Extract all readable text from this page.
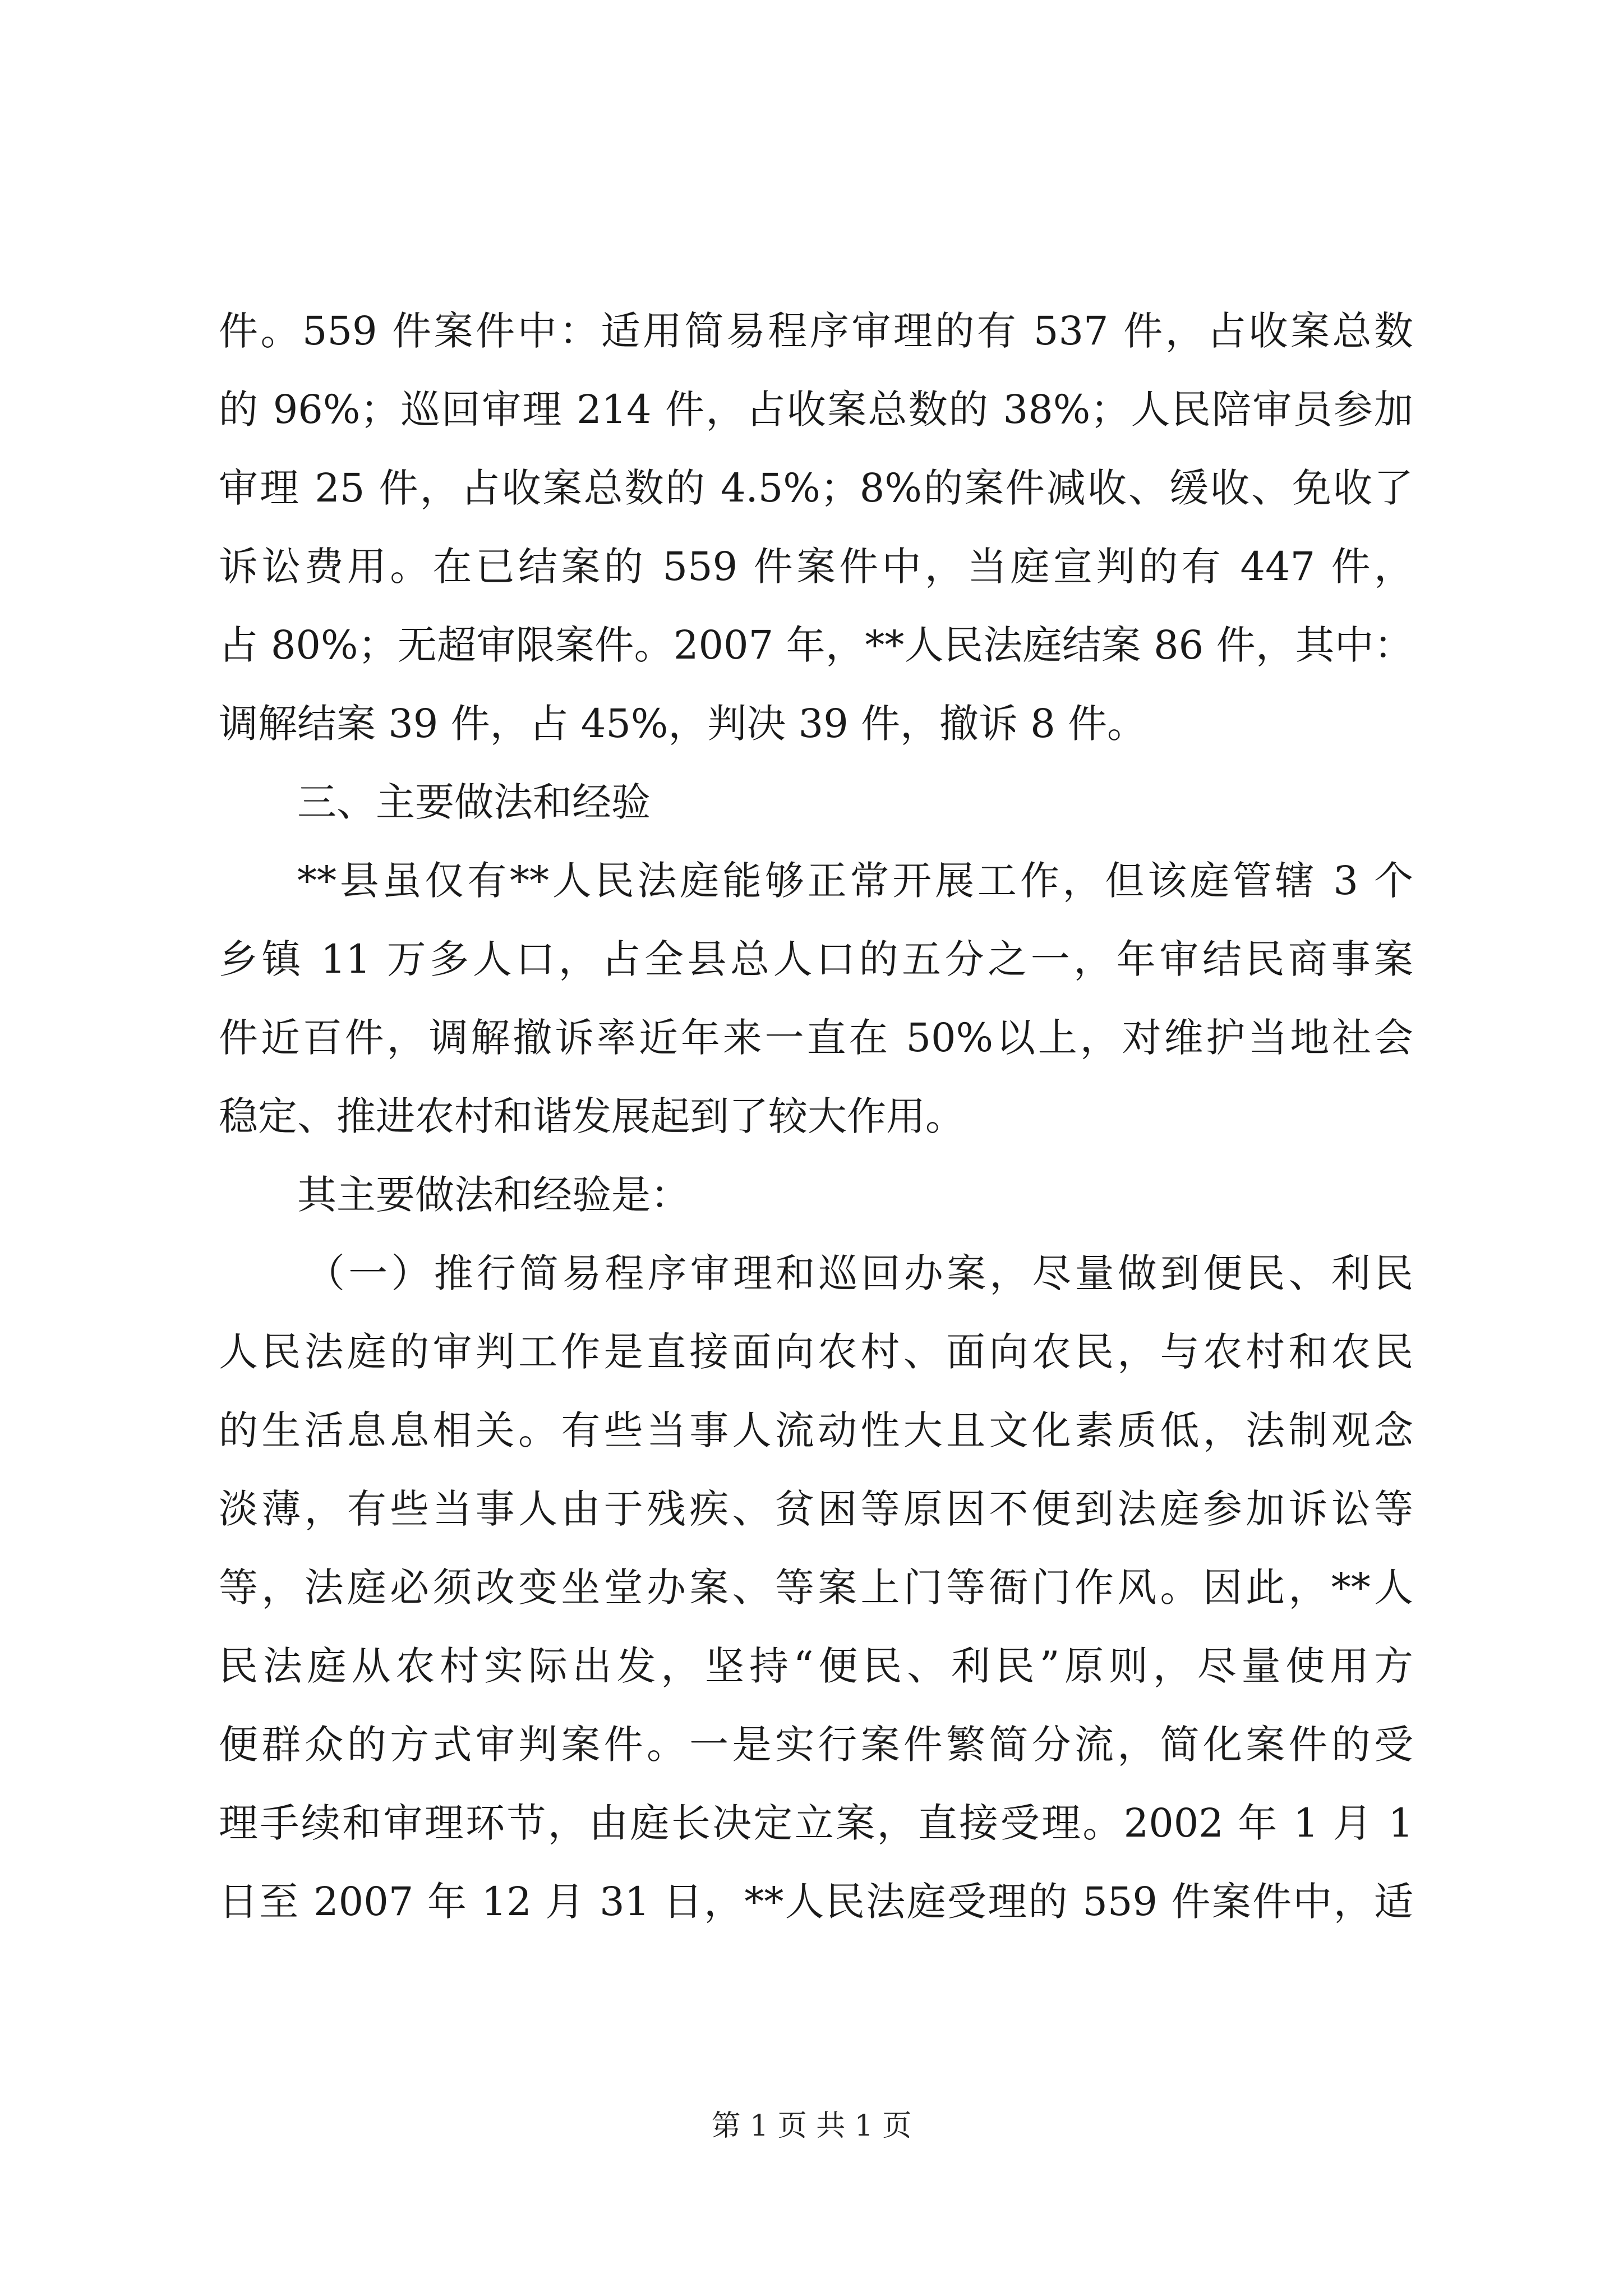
件。559 件案件中：适用简易程序审理的有 537 件，占收案总数
的 96%；巡回审理 214 件，占收案总数的 38%；人民陪审员参加
审理 25 件，占收案总数的 4.5%；8%的案件减收、缓收、免收了
诉讼费用。在已结案的 559 件案件中，当庭宣判的有 447 件，
占 80%；无超审限案件。2007 年，**人民法庭结案 86 件，其中：
调解结案 39 件，占 45%，判决 39 件，撤诉 8 件。
三、主要做法和经验
**县虽仅有**人民法庭能够正常开展工作，但该庭管辖 3 个
乡镇 11 万多人口，占全县总人口的五分之一，年审结民商事案
件近百件，调解撤诉率近年来一直在 50%以上，对维护当地社会
稳定、推进农村和谐发展起到了较大作用。
其主要做法和经验是：
（一）推行简易程序审理和巡回办案，尽量做到便民、利民
人民法庭的审判工作是直接面向农村、面向农民，与农村和农民
的生活息息相关。有些当事人流动性大且文化素质低，法制观念
淡薄，有些当事人由于残疾、贫困等原因不便到法庭参加诉讼等
等，法庭必须改变坐堂办案、等案上门等衙门作风。因此，**人
民法庭从农村实际出发，坚持“便民、利民”原则，尽量使用方
便群众的方式审判案件。一是实行案件繁简分流，简化案件的受
理手续和审理环节，由庭长决定立案，直接受理。2002 年 1 月 1
日至 2007 年 12 月 31 日，**人民法庭受理的 559 件案件中，适
第 1 页 共 1 页
